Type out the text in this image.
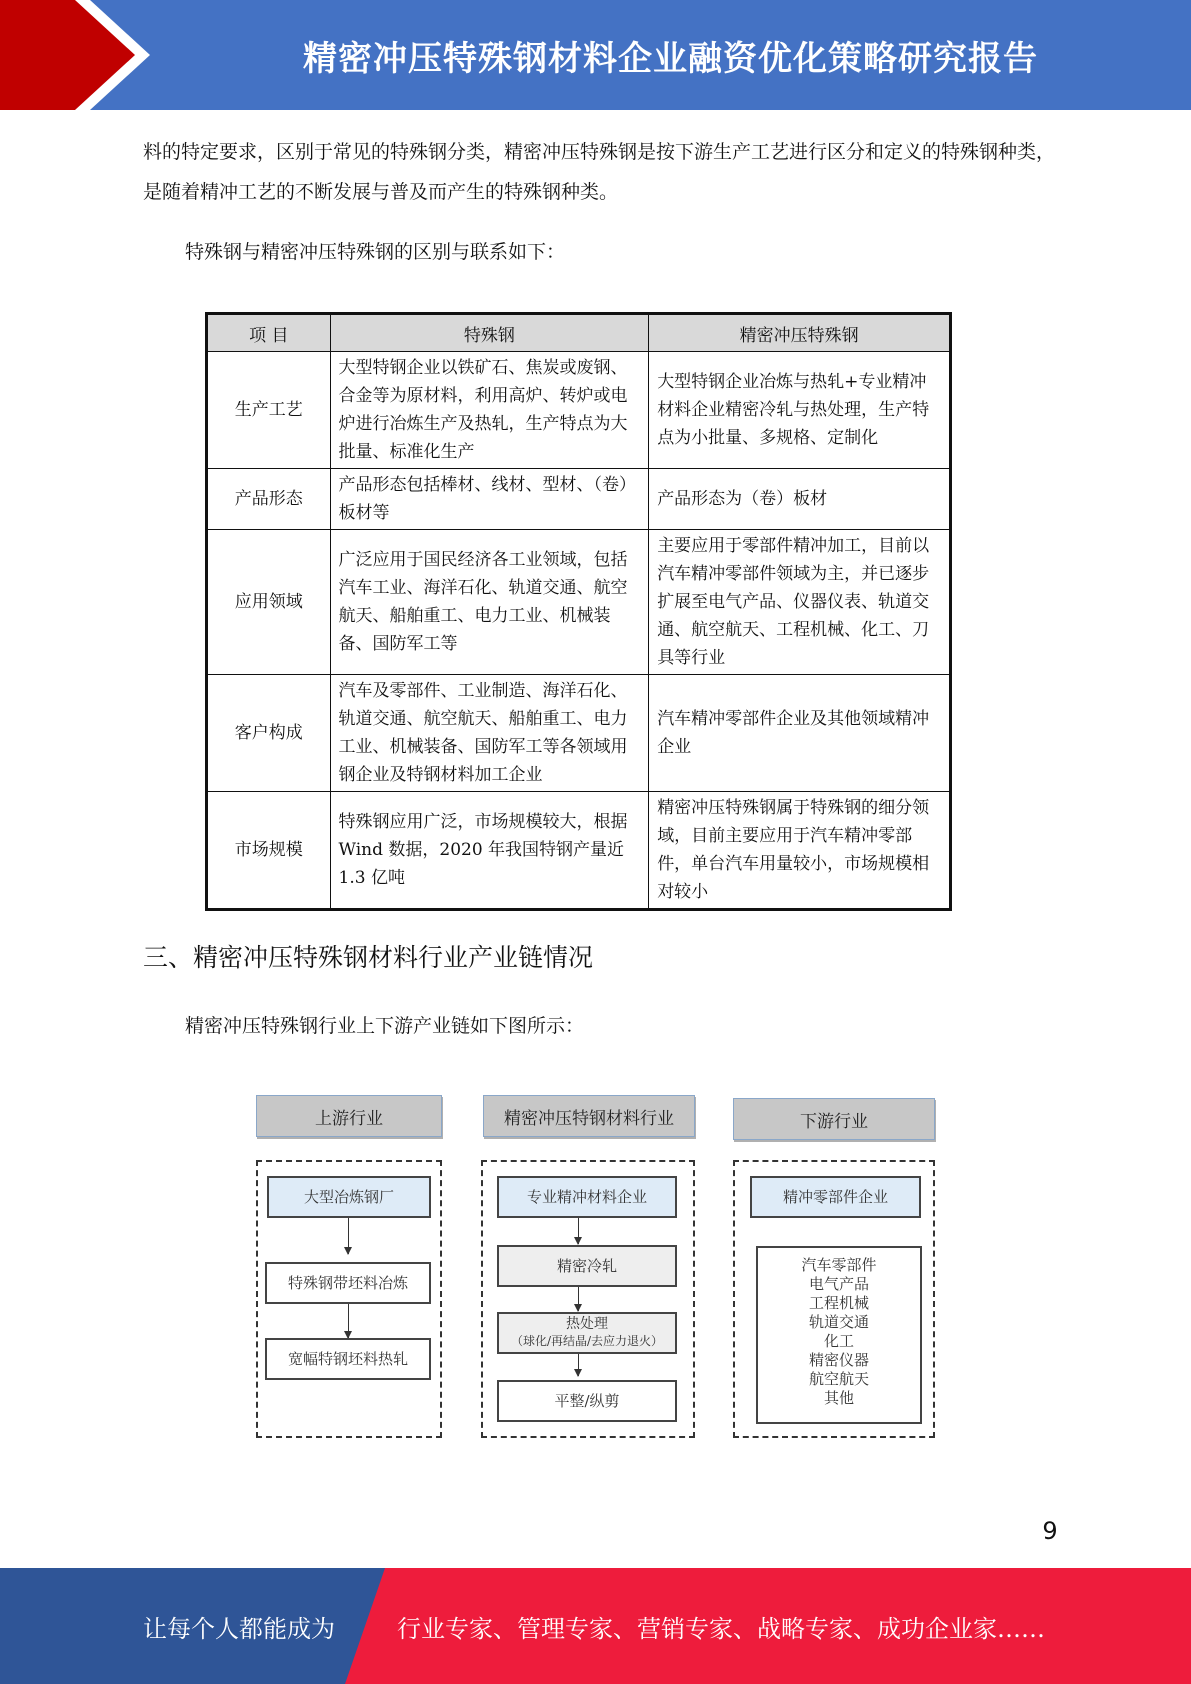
精密冲压特殊钢材料企业融资优化策略研究报告
料的特定要求，区别于常见的特殊钢分类，精密冲压特殊钢是按下游生产工艺进行区分和定义的特殊钢种类，是随着精冲工艺的不断发展与普及而产生的特殊钢种类。
特殊钢与精密冲压特殊钢的区别与联系如下：
项 目	特殊钢	精密冲压特殊钢
生产工艺	大型特钢企业以铁矿石、焦炭或废钢、合金等为原材料，利用高炉、转炉或电炉进行冶炼生产及热轧，生产特点为大批量、标准化生产	大型特钢企业冶炼与热轧+专业精冲材料企业精密冷轧与热处理，生产特点为小批量、多规格、定制化
产品形态	产品形态包括棒材、线材、型材、（卷）板材等	产品形态为（卷）板材
应用领域	广泛应用于国民经济各工业领域，包括汽车工业、海洋石化、轨道交通、航空航天、船舶重工、电力工业、机械装备、国防军工等	主要应用于零部件精冲加工，目前以汽车精冲零部件领域为主，并已逐步扩展至电气产品、仪器仪表、轨道交通、航空航天、工程机械、化工、刀具等行业
客户构成	汽车及零部件、工业制造、海洋石化、轨道交通、航空航天、船舶重工、电力工业、机械装备、国防军工等各领域用钢企业及特钢材料加工企业	汽车精冲零部件企业及其他领域精冲企业
市场规模	特殊钢应用广泛，市场规模较大，根据 Wind 数据，2020 年我国特钢产量近 1.3 亿吨	精密冲压特殊钢属于特殊钢的细分领域，目前主要应用于汽车精冲零部件，单台汽车用量较小，市场规模相对较小
三、精密冲压特殊钢材料行业产业链情况
精密冲压特殊钢行业上下游产业链如下图所示：
上游行业
大型冶炼钢厂
特殊钢带坯料冶炼
宽幅特钢坯料热轧
精密冲压特钢材料行业
专业精冲材料企业
精密冷轧
热处理
（球化/再结晶/去应力退火）
平整/纵剪
下游行业
精冲零部件企业
汽车零部件
电气产品
工程机械
轨道交通
化工
精密仪器
航空航天
其他
9
让每个人都能成为	行业专家、管理专家、营销专家、战略专家、成功企业家……
